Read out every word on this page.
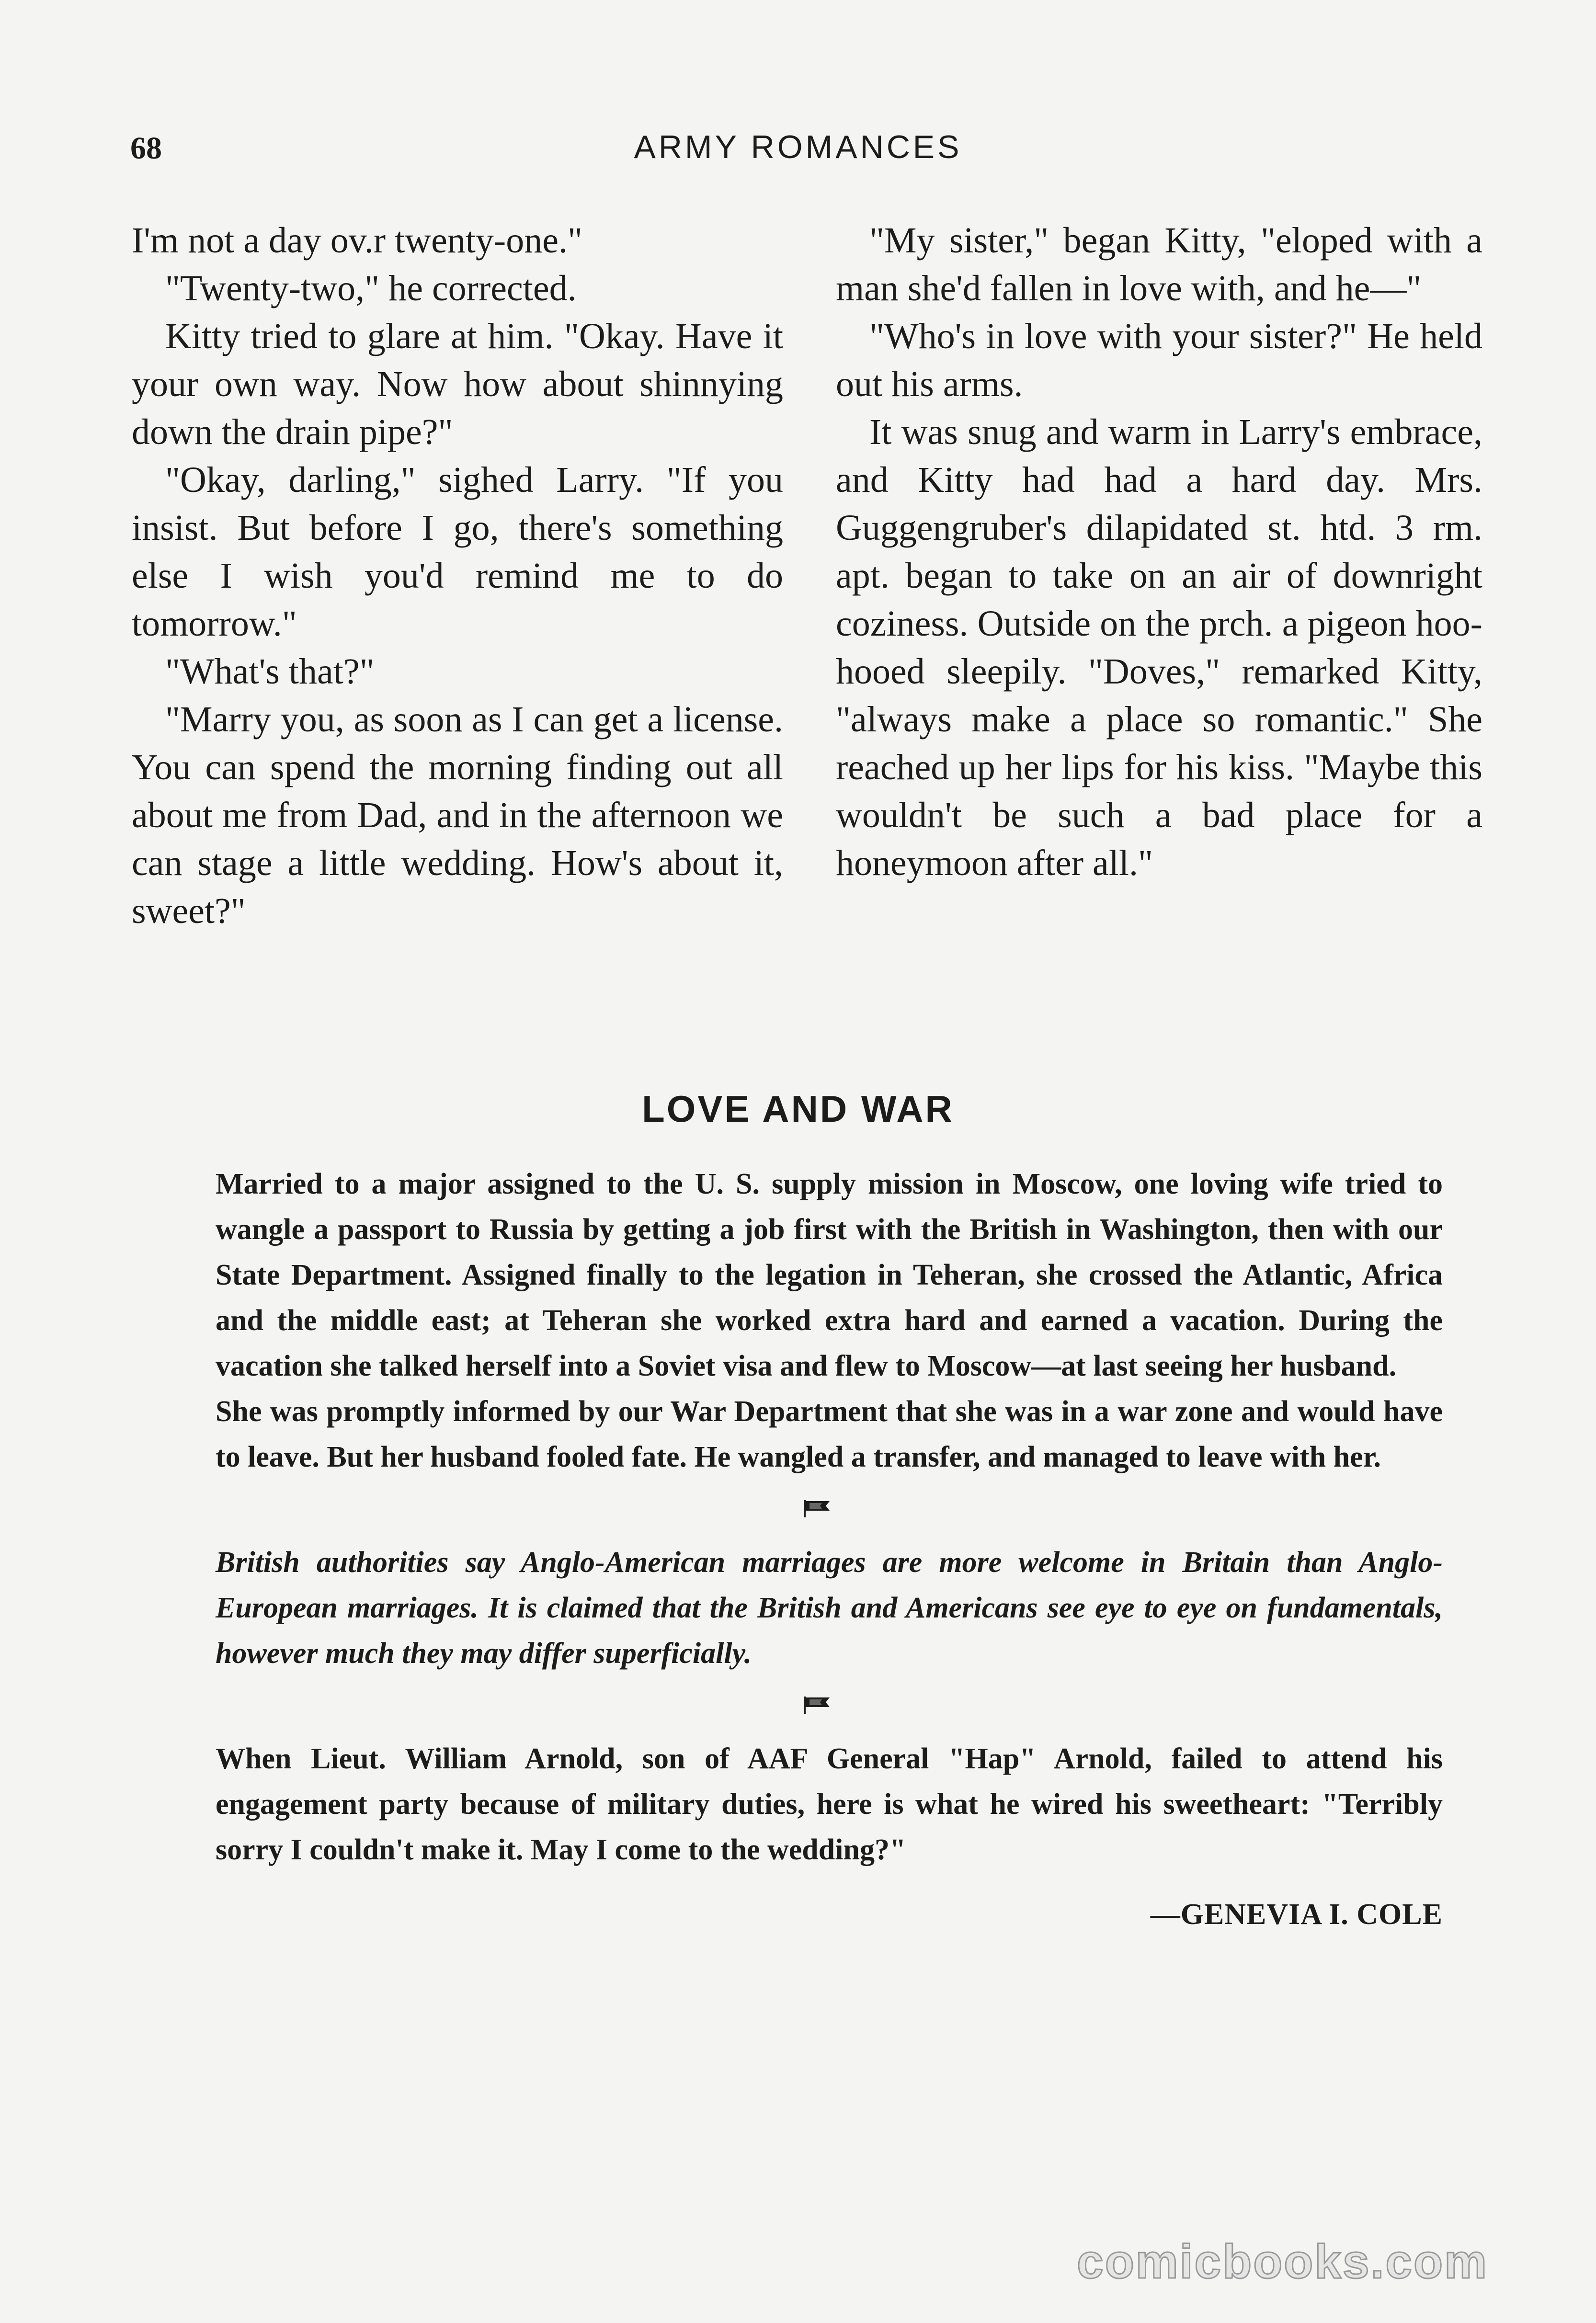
68	ARMY ROMANCES

I'm not a day ov.r twenty-one."

"Twenty-two," he corrected.

Kitty tried to glare at him. "Okay. Have it your own way. Now how about shinnying down the drain pipe?"

"Okay, darling," sighed Larry. "If you insist. But before I go, there's something else I wish you'd remind me to do tomorrow."

"What's that?"

"Marry you, as soon as I can get a license. You can spend the morning finding out all about me from Dad, and in the afternoon we can stage a little wedding. How's about it, sweet?"

"My sister," began Kitty, "eloped with a man she'd fallen in love with, and he—"

"Who's in love with your sister?" He held out his arms.

It was snug and warm in Larry's embrace, and Kitty had had a hard day. Mrs. Guggengruber's dilapidated st. htd. 3 rm. apt. began to take on an air of downright coziness. Outside on the prch. a pigeon hoo-hooed sleepily. "Doves," remarked Kitty, "always make a place so romantic." She reached up her lips for his kiss. "Maybe this wouldn't be such a bad place for a honeymoon after all."

LOVE AND WAR

Married to a major assigned to the U. S. supply mission in Moscow, one loving wife tried to wangle a passport to Russia by getting a job first with the British in Washington, then with our State Department. Assigned finally to the legation in Teheran, she crossed the Atlantic, Africa and the middle east; at Teheran she worked extra hard and earned a vacation. During the vacation she talked herself into a Soviet visa and flew to Moscow—at last seeing her husband.

She was promptly informed by our War Department that she was in a war zone and would have to leave. But her husband fooled fate. He wangled a transfer, and managed to leave with her.

British authorities say Anglo-American marriages are more welcome in Britain than Anglo-European marriages. It is claimed that the British and Americans see eye to eye on fundamentals, however much they may differ superficially.

When Lieut. William Arnold, son of AAF General "Hap" Arnold, failed to attend his engagement party because of military duties, here is what he wired his sweetheart: "Terribly sorry I couldn't make it. May I come to the wedding?"

—GENEVIA I. COLE

comicbooks.com
